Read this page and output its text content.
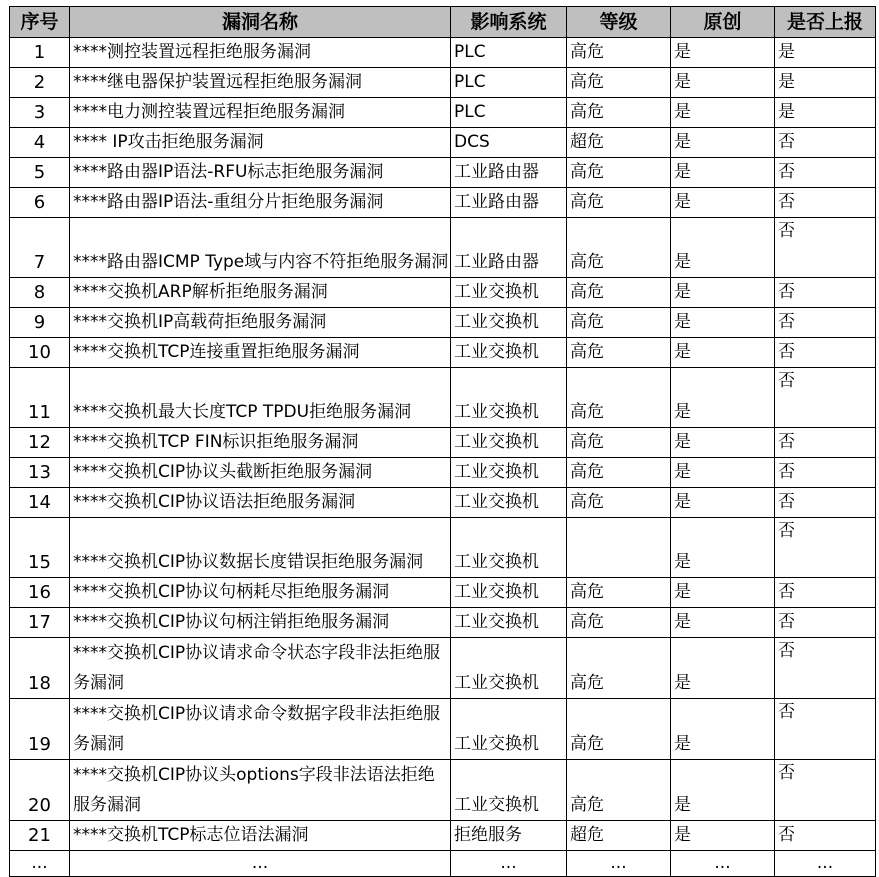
序号	漏洞名称	影响系统	等级	原创	是否上报
1	****测控装置远程拒绝服务漏洞	PLC	高危	是	是
2	****继电器保护装置远程拒绝服务漏洞	PLC	高危	是	是
3	****电力测控装置远程拒绝服务漏洞	PLC	高危	是	是
4	**** IP攻击拒绝服务漏洞	DCS	超危	是	否
5	****路由器IP语法-RFU标志拒绝服务漏洞	工业路由器	高危	是	否
6	****路由器IP语法-重组分片拒绝服务漏洞	工业路由器	高危	是	否
7	****路由器ICMP Type域与内容不符拒绝服务漏洞	工业路由器	高危	是	否
8	****交换机ARP解析拒绝服务漏洞	工业交换机	高危	是	否
9	****交换机IP高载荷拒绝服务漏洞	工业交换机	高危	是	否
10	****交换机TCP连接重置拒绝服务漏洞	工业交换机	高危	是	否
11	****交换机最大长度TCP TPDU拒绝服务漏洞	工业交换机	高危	是	否
12	****交换机TCP FIN标识拒绝服务漏洞	工业交换机	高危	是	否
13	****交换机CIP协议头截断拒绝服务漏洞	工业交换机	高危	是	否
14	****交换机CIP协议语法拒绝服务漏洞	工业交换机	高危	是	否
15	****交换机CIP协议数据长度错误拒绝服务漏洞	工业交换机		是	否
16	****交换机CIP协议句柄耗尽拒绝服务漏洞	工业交换机	高危	是	否
17	****交换机CIP协议句柄注销拒绝服务漏洞	工业交换机	高危	是	否
18	****交换机CIP协议请求命令状态字段非法拒绝服务漏洞	工业交换机	高危	是	否
19	****交换机CIP协议请求命令数据字段非法拒绝服务漏洞	工业交换机	高危	是	否
20	****交换机CIP协议头options字段非法语法拒绝服务漏洞	工业交换机	高危	是	否
21	****交换机TCP标志位语法漏洞	拒绝服务	超危	是	否
...	...	...	...	...	...
